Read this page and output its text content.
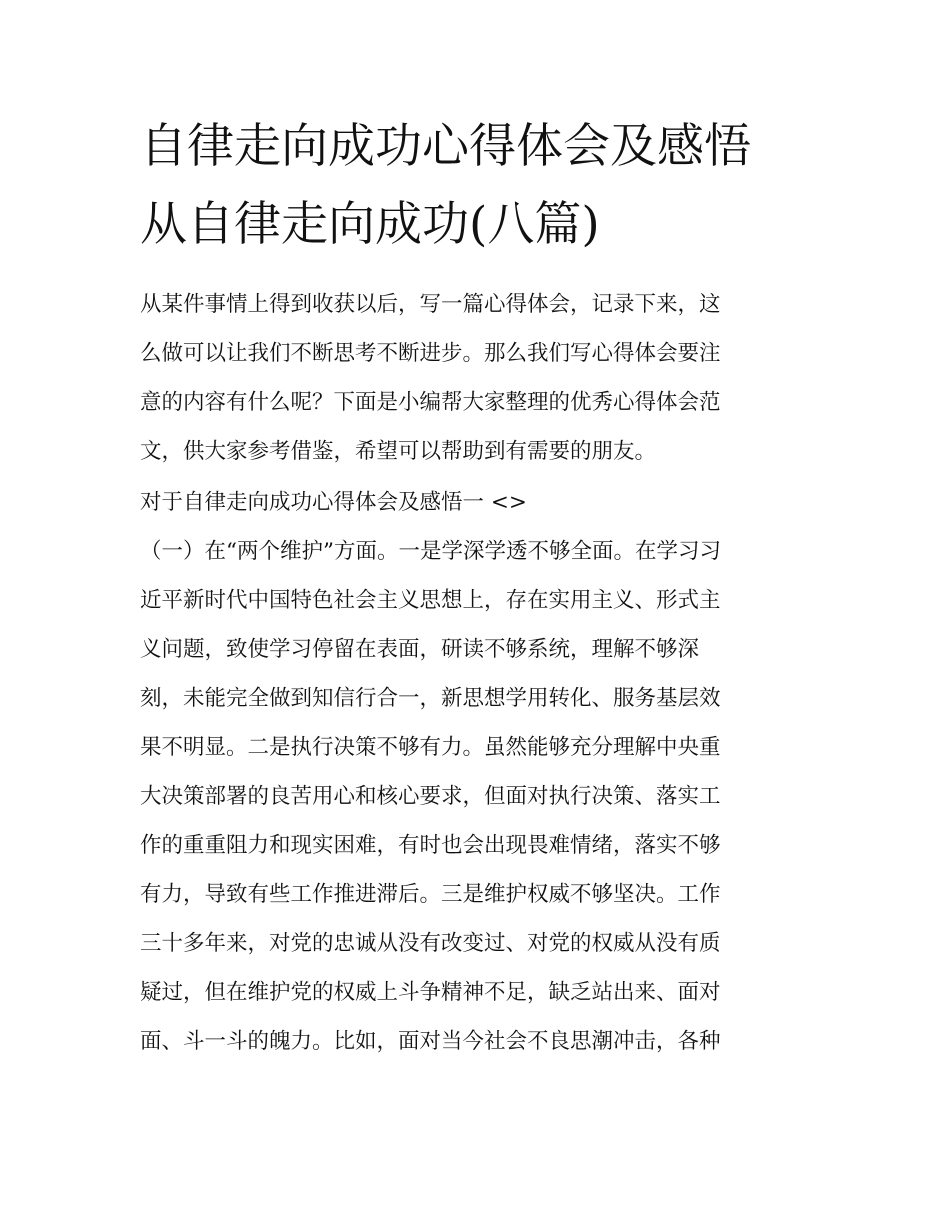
自律走向成功心得体会及感悟
从自律走向成功(八篇)
从某件事情上得到收获以后，写一篇心得体会，记录下来，这
么做可以让我们不断思考不断进步。那么我们写心得体会要注
意的内容有什么呢？下面是小编帮大家整理的优秀心得体会范
文，供大家参考借鉴，希望可以帮助到有需要的朋友。
对于自律走向成功心得体会及感悟一 <>
（一）在“两个维护”方面。一是学深学透不够全面。在学习习
近平新时代中国特色社会主义思想上，存在实用主义、形式主
义问题，致使学习停留在表面，研读不够系统，理解不够深
刻，未能完全做到知信行合一，新思想学用转化、服务基层效
果不明显。二是执行决策不够有力。虽然能够充分理解中央重
大决策部署的良苦用心和核心要求，但面对执行决策、落实工
作的重重阻力和现实困难，有时也会出现畏难情绪，落实不够
有力，导致有些工作推进滞后。三是维护权威不够坚决。工作
三十多年来，对党的忠诚从没有改变过、对党的权威从没有质
疑过，但在维护党的权威上斗争精神不足，缺乏站出来、面对
面、斗一斗的魄力。比如，面对当今社会不良思潮冲击，各种
